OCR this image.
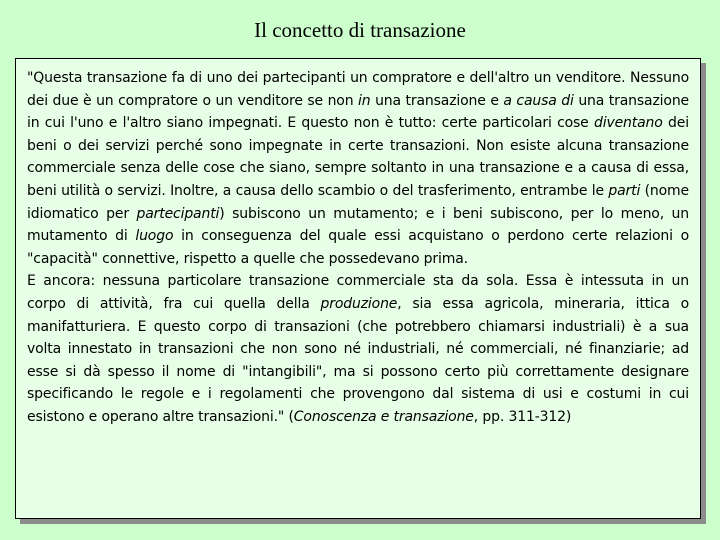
Il concetto di transazione

"Questa transazione fa di uno dei partecipanti un compratore e dell'altro un venditore. Nessuno dei due è un compratore o un venditore se non in una transazione e a causa di una transazione in cui l'uno e l'altro siano impegnati. E questo non è tutto: certe particolari cose diventano dei beni o dei servizi perché sono impegnate in certe transazioni. Non esiste alcuna transazione commerciale senza delle cose che siano, sempre soltanto in una transazione e a causa di essa, beni utilità o servizi. Inoltre, a causa dello scambio o del trasferimento, entrambe le parti (nome idiomatico per partecipanti) subiscono un mutamento; e i beni subiscono, per lo meno, un mutamento di luogo in conseguenza del quale essi acquistano o perdono certe relazioni o "capacità" connettive, rispetto a quelle che possedevano prima.

E ancora: nessuna particolare transazione commerciale sta da sola. Essa è intessuta in un corpo di attività, fra cui quella della produzione, sia essa agricola, mineraria, ittica o manifatturiera. E questo corpo di transazioni (che potrebbero chiamarsi industriali) è a sua volta innestato in transazioni che non sono né industriali, né commerciali, né finanziarie; ad esse si dà spesso il nome di "intangibili", ma si possono certo più correttamente designare specificando le regole e i regolamenti che provengono dal sistema di usi e costumi in cui esistono e operano altre transazioni." (Conoscenza e transazione, pp. 311-312)
